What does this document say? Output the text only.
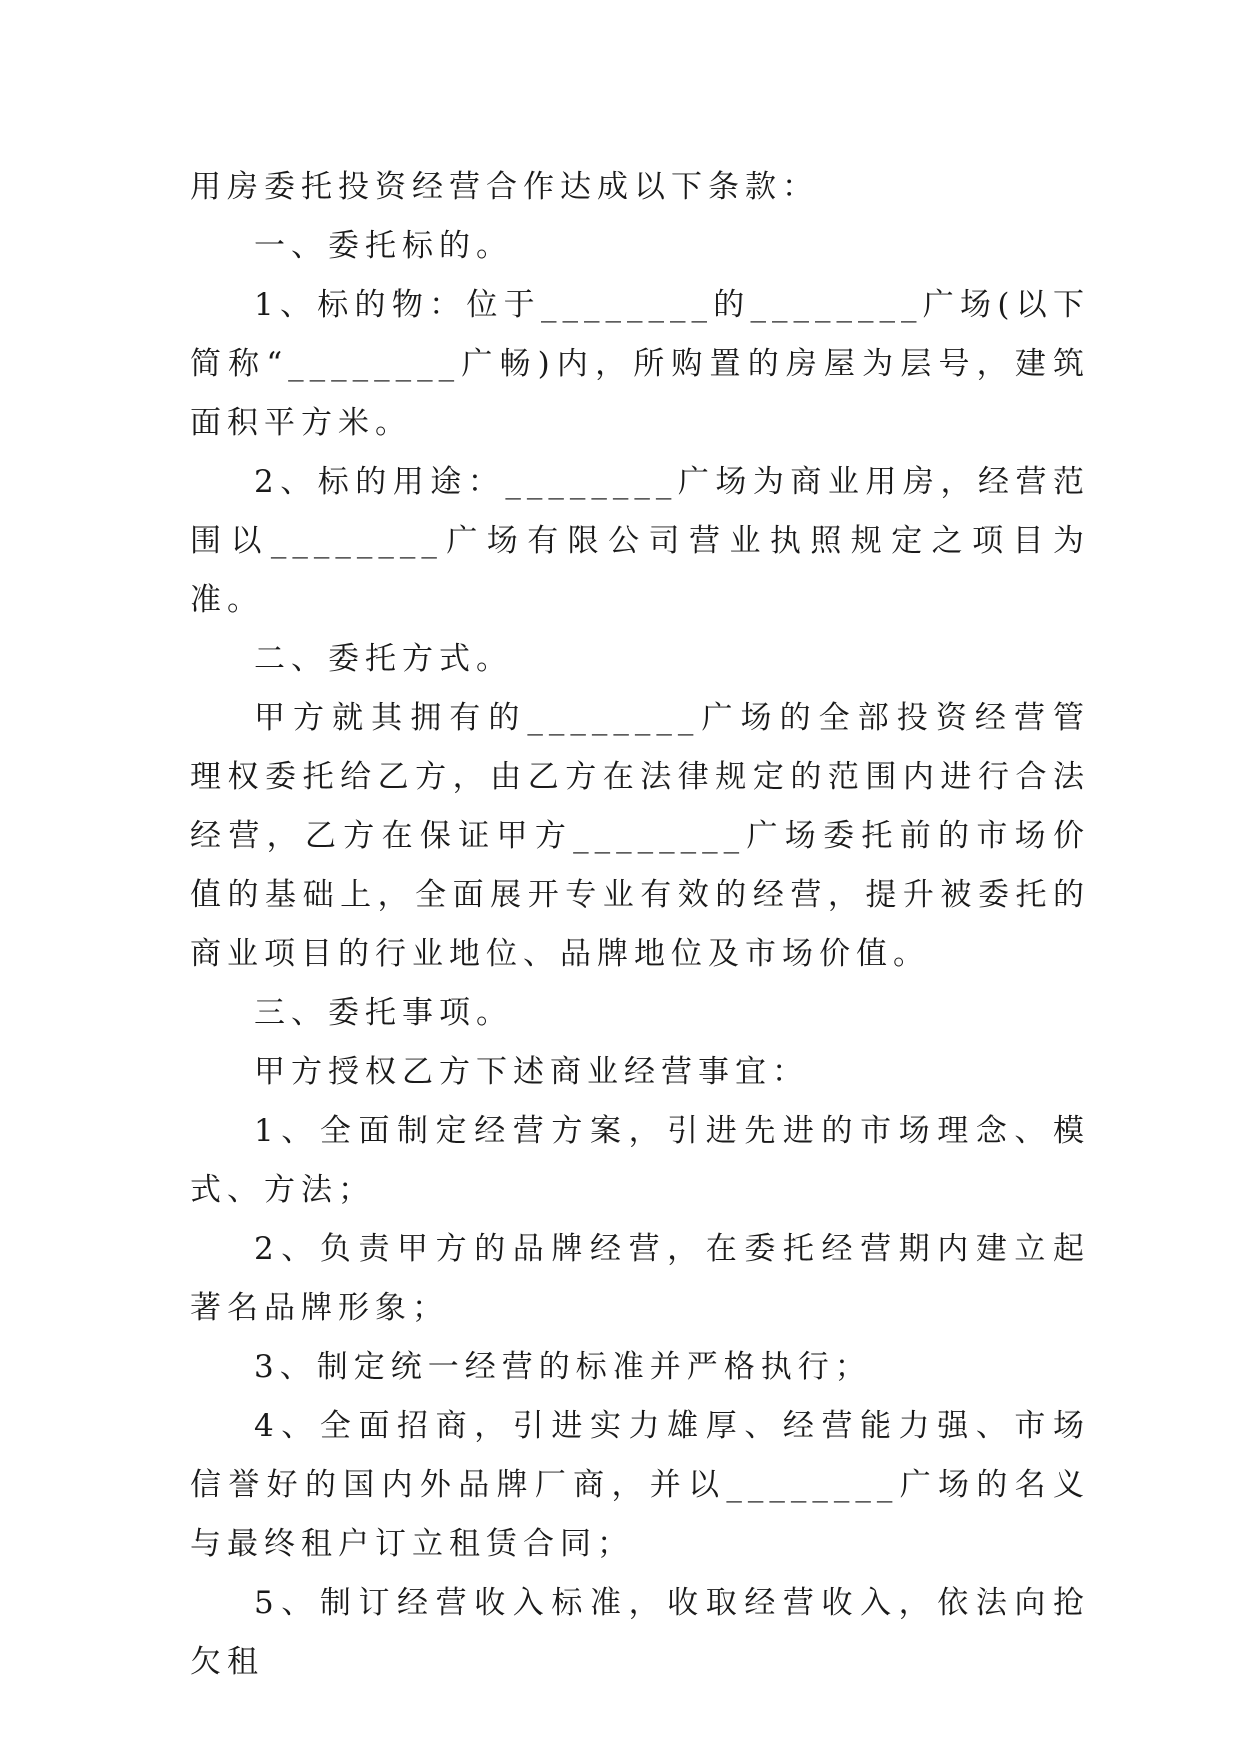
用房委托投资经营合作达成以下条款：

一、委托标的。

1、标的物：位于________的________广场(以下简称“________广畅)内，所购置的房屋为层号，建筑面积平方米。

2、标的用途：________广场为商业用房，经营范围以________广场有限公司营业执照规定之项目为准。

二、委托方式。

甲方就其拥有的________广场的全部投资经营管理权委托给乙方，由乙方在法律规定的范围内进行合法经营，乙方在保证甲方________广场委托前的市场价值的基础上，全面展开专业有效的经营，提升被委托的商业项目的行业地位、品牌地位及市场价值。

三、委托事项。

甲方授权乙方下述商业经营事宜：

1、全面制定经营方案，引进先进的市场理念、模式、方法；

2、负责甲方的品牌经营，在委托经营期内建立起著名品牌形象；

3、制定统一经营的标准并严格执行；

4、全面招商，引进实力雄厚、经营能力强、市场信誉好的国内外品牌厂商，并以________广场的名义与最终租户订立租赁合同；

5、制订经营收入标准，收取经营收入，依法向抢欠租
